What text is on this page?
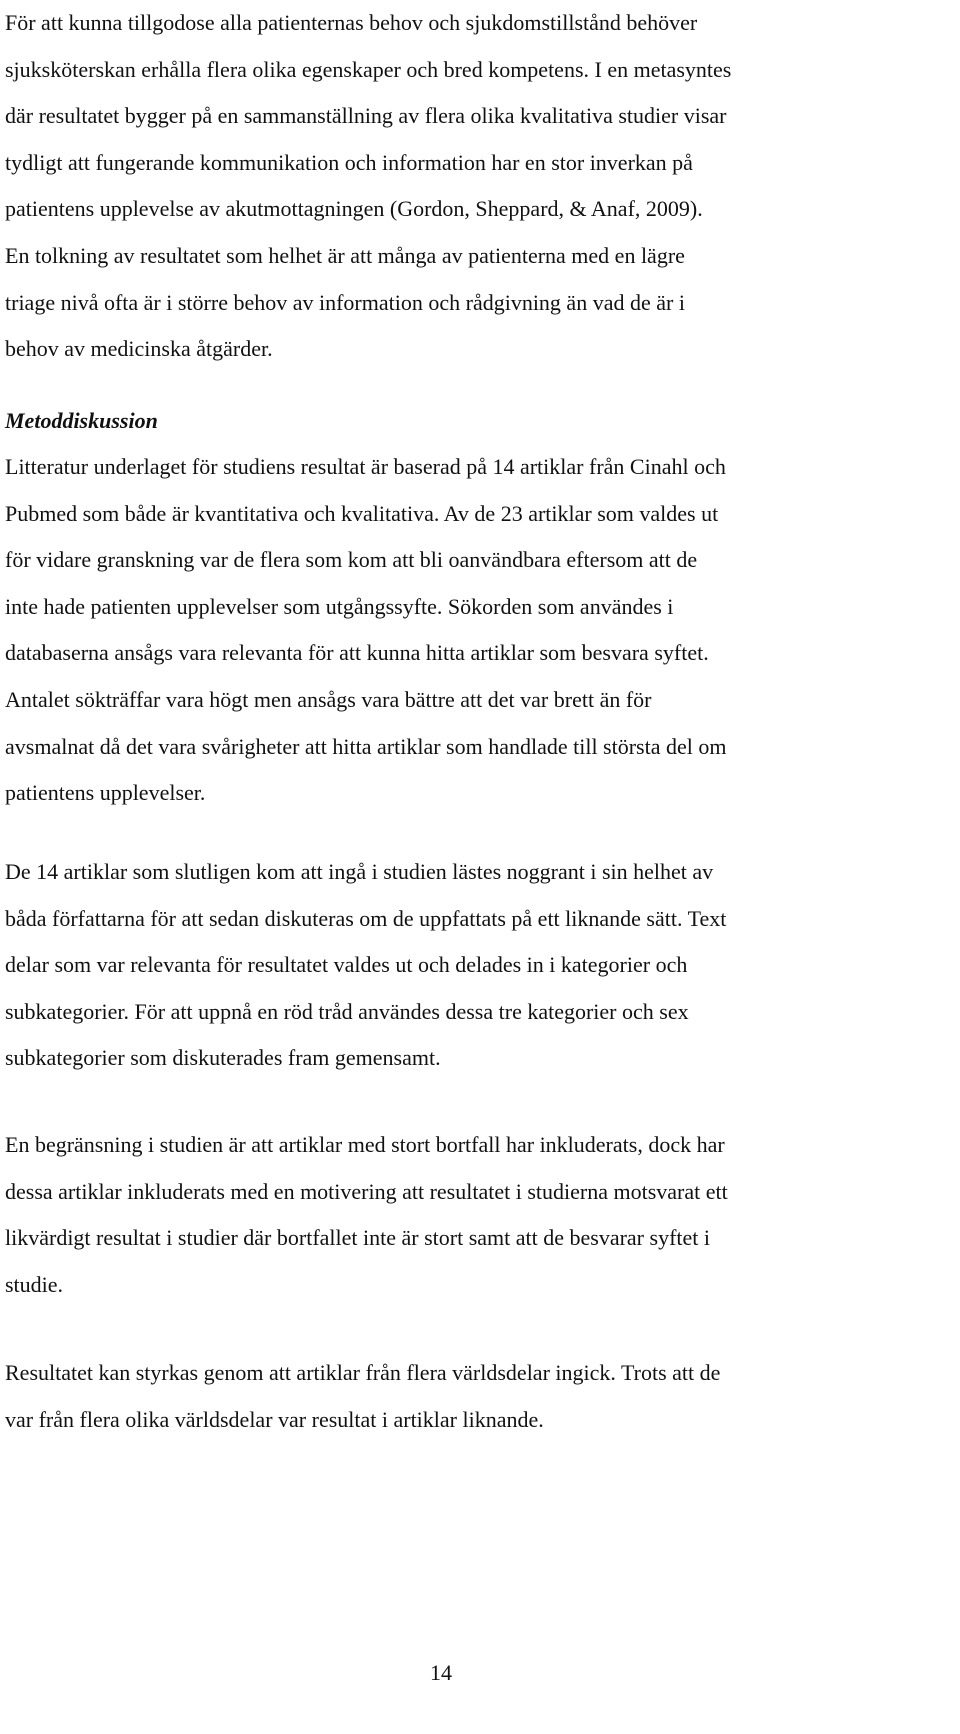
För att kunna tillgodose alla patienternas behov och sjukdomstillstånd behöver
sjuksköterskan erhålla flera olika egenskaper och bred kompetens. I en metasyntes
där resultatet bygger på en sammanställning av flera olika kvalitativa studier visar
tydligt att fungerande kommunikation och information har en stor inverkan på
patientens upplevelse av akutmottagningen (Gordon, Sheppard, & Anaf, 2009).
En tolkning av resultatet som helhet är att många av patienterna med en lägre
triage nivå ofta är i större behov av information och rådgivning än vad de är i
behov av medicinska åtgärder.

Metoddiskussion

Litteratur underlaget för studiens resultat är baserad på 14 artiklar från Cinahl och
Pubmed som både är kvantitativa och kvalitativa. Av de 23 artiklar som valdes ut
för vidare granskning var de flera som kom att bli oanvändbara eftersom att de
inte hade patienten upplevelser som utgångssyfte. Sökorden som användes i
databaserna ansågs vara relevanta för att kunna hitta artiklar som besvara syftet.
Antalet sökträffar vara högt men ansågs vara bättre att det var brett än för
avsmalnat då det vara svårigheter att hitta artiklar som handlade till största del om
patientens upplevelser.

De 14 artiklar som slutligen kom att ingå i studien lästes noggrant i sin helhet av
båda författarna för att sedan diskuteras om de uppfattats på ett liknande sätt. Text
delar som var relevanta för resultatet valdes ut och delades in i kategorier och
subkategorier. För att uppnå en röd tråd användes dessa tre kategorier och sex
subkategorier som diskuterades fram gemensamt.

En begränsning i studien är att artiklar med stort bortfall har inkluderats, dock har
dessa artiklar inkluderats med en motivering att resultatet i studierna motsvarat ett
likvärdigt resultat i studier där bortfallet inte är stort samt att de besvarar syftet i
studie.

Resultatet kan styrkas genom att artiklar från flera världsdelar ingick. Trots att de
var från flera olika världsdelar var resultat i artiklar liknande.

14
